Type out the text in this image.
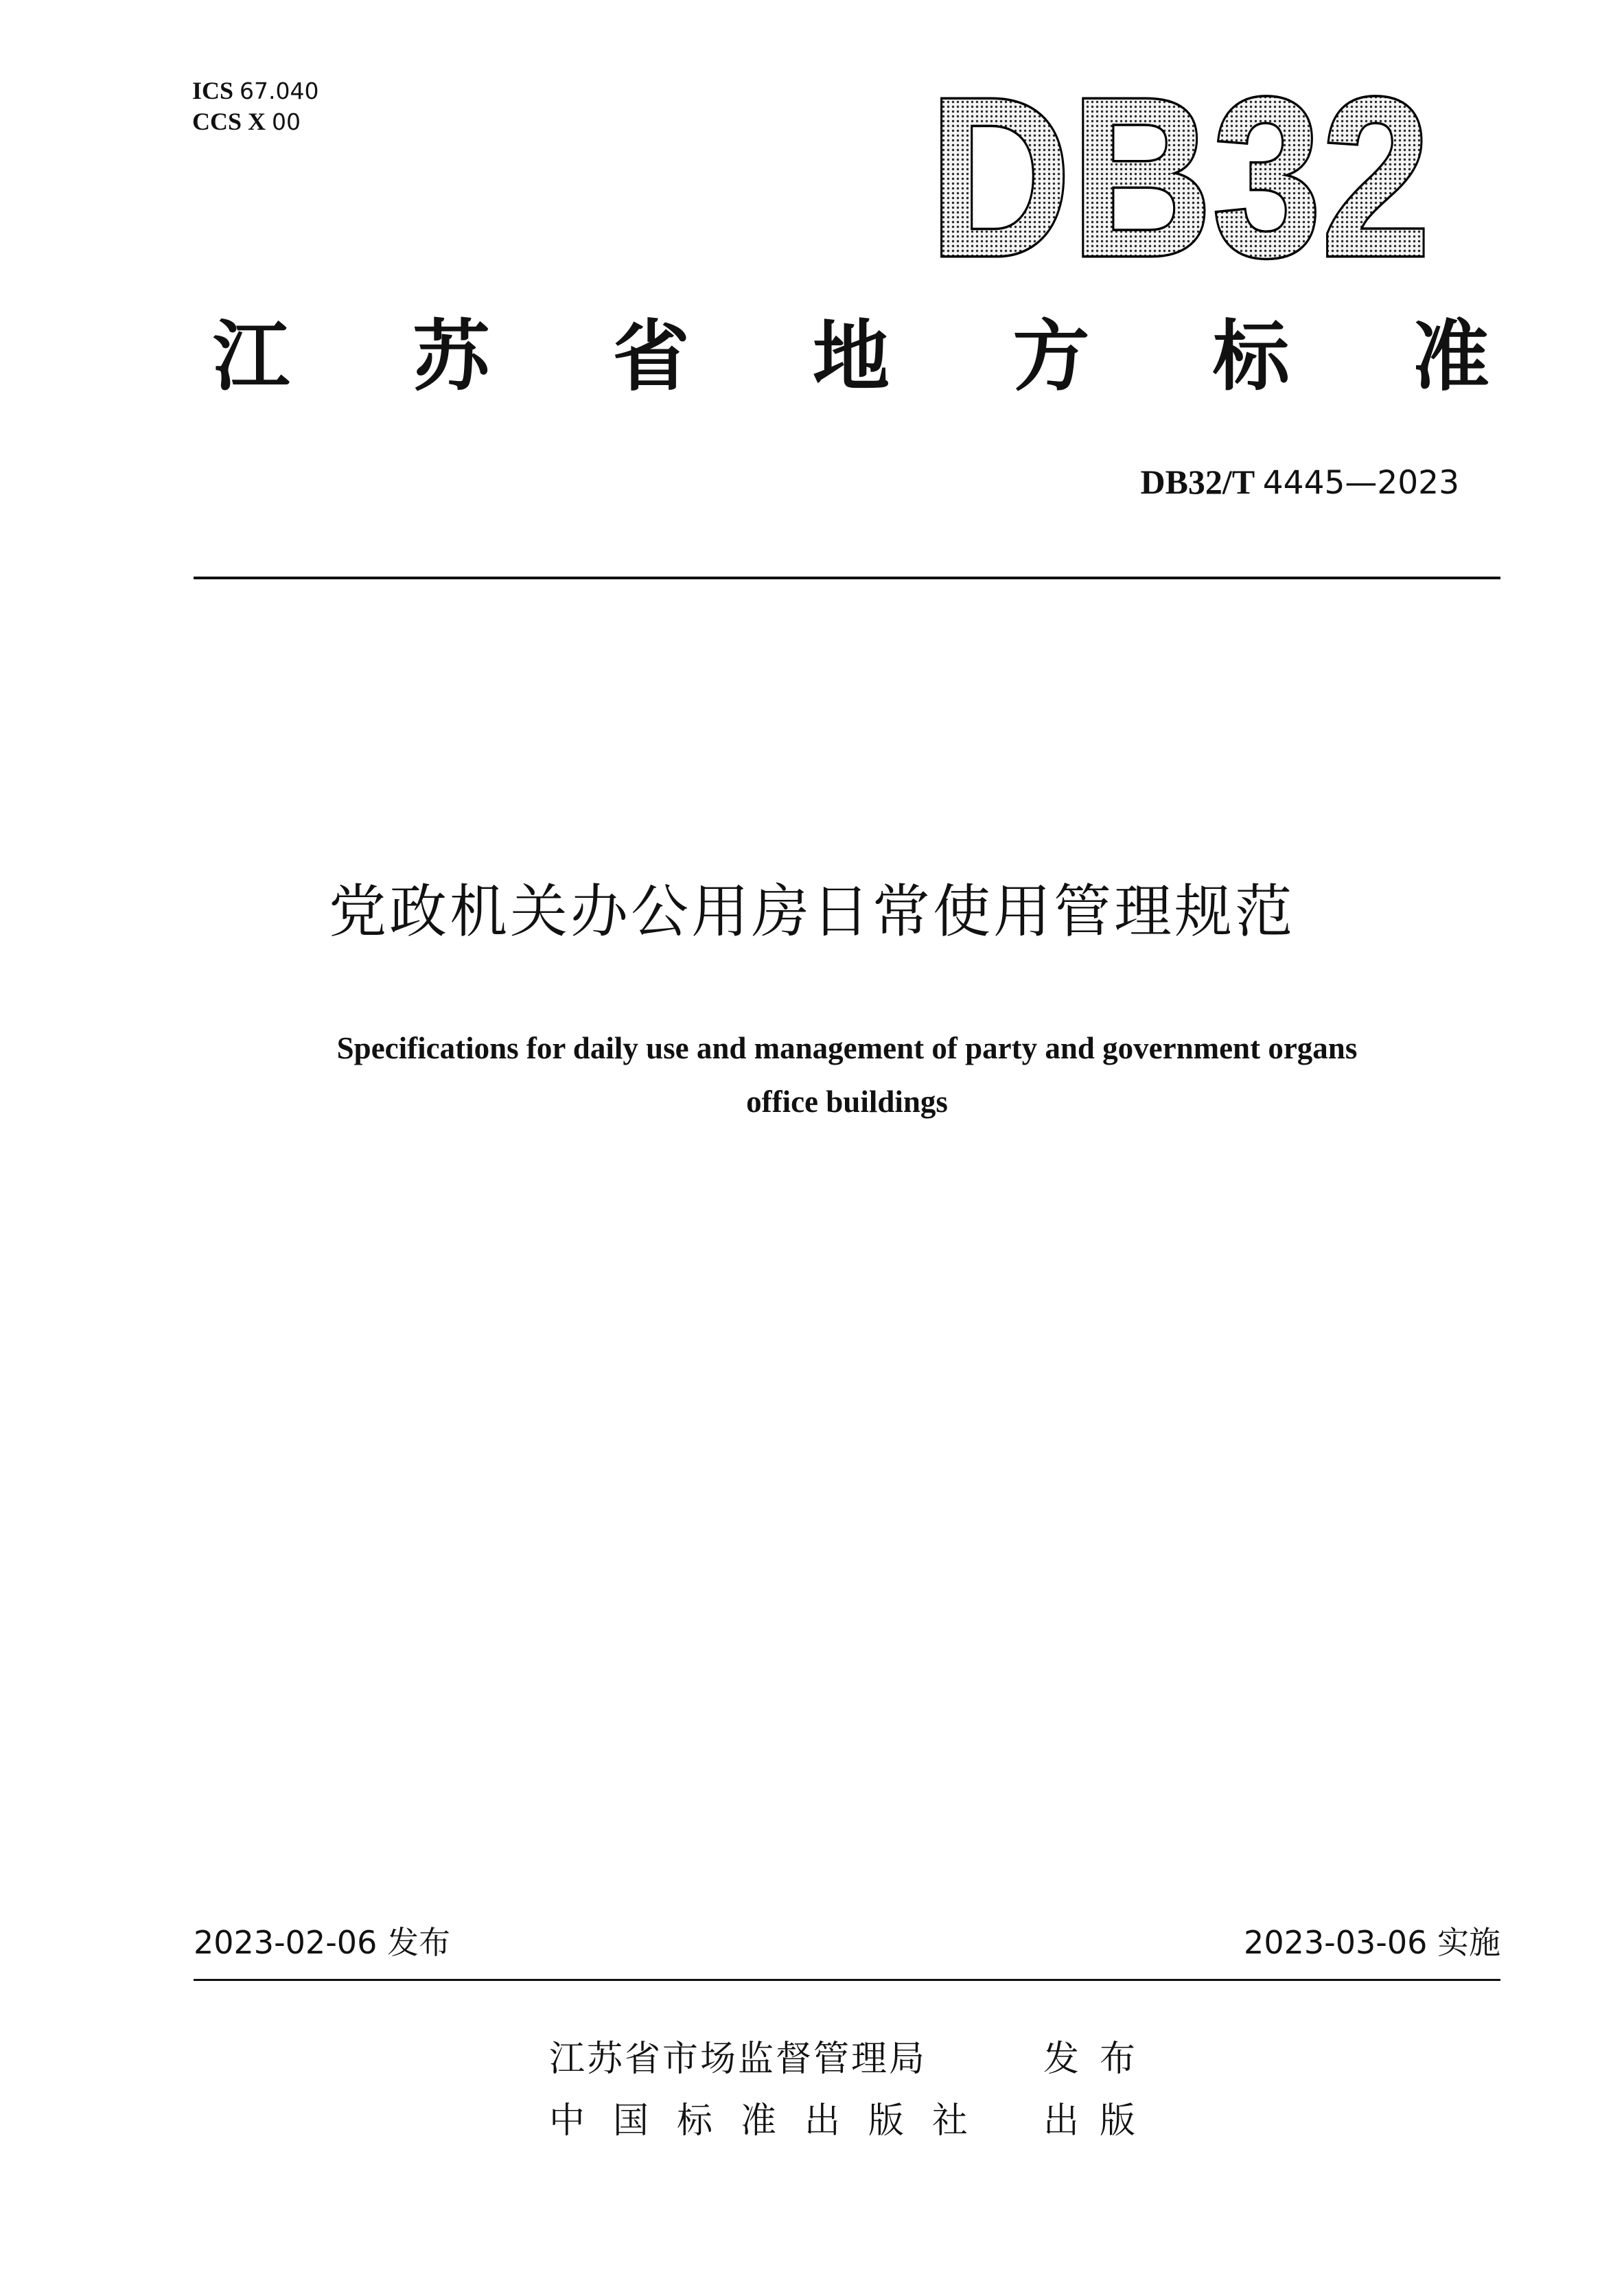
ICS 67.040
CCS X 00	DB32
江 苏 省 地 方 标 准
DB32/T 4445—2023
党政机关办公用房日常使用管理规范
Specifications for daily use and management of party and government organs
office buildings
2023-02-06 发布	2023-03-06 实施
江苏省市场监督管理局	发布
中 国 标 准 出 版 社 出版
